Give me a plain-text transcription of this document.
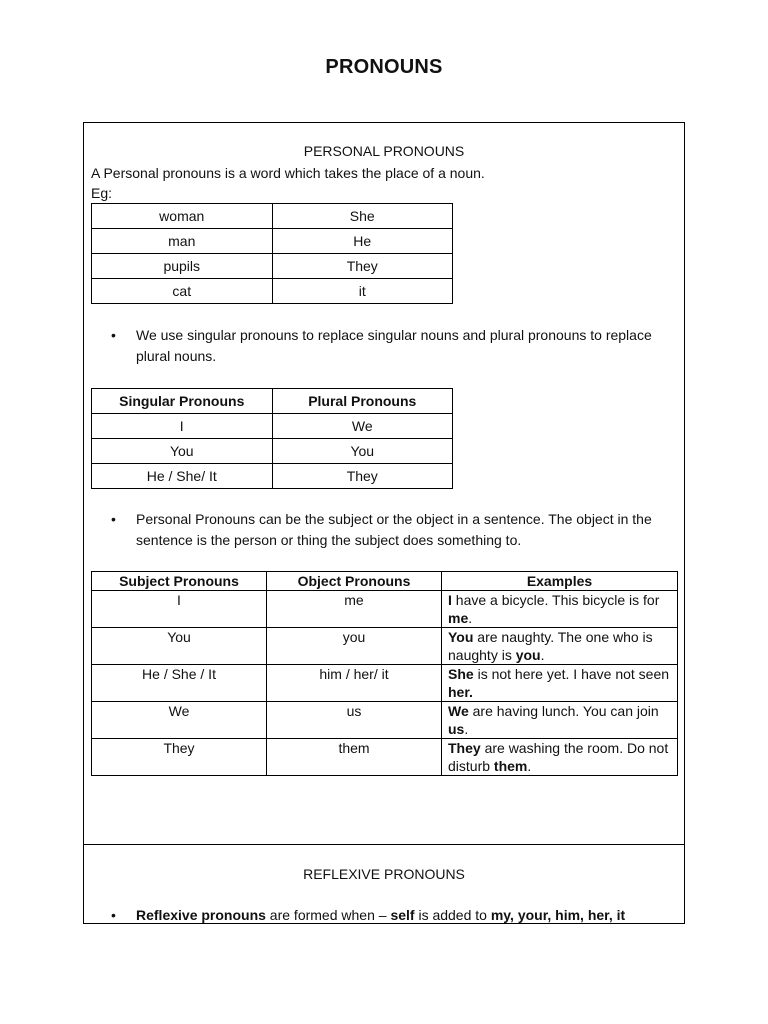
PRONOUNS
PERSONAL PRONOUNS
A Personal pronouns is a word which takes the place of a noun.
Eg:
woman	She
man	He
pupils	They
cat	it
• We use singular pronouns to replace singular nouns and plural pronouns to replace plural nouns.
Singular Pronouns	Plural Pronouns
I	We
You	You
He / She/ It	They
• Personal Pronouns can be the subject or the object in a sentence. The object in the sentence is the person or thing the subject does something to.
Subject Pronouns	Object Pronouns	Examples
I	me	I have a bicycle. This bicycle is for me.
You	you	You are naughty. The one who is naughty is you.
He / She / It	him / her/ it	She is not here yet. I have not seen her.
We	us	We are having lunch. You can join us.
They	them	They are washing the room. Do not disturb them.
REFLEXIVE PRONOUNS
• Reflexive pronouns are formed when – self is added to my, your, him, her, it
